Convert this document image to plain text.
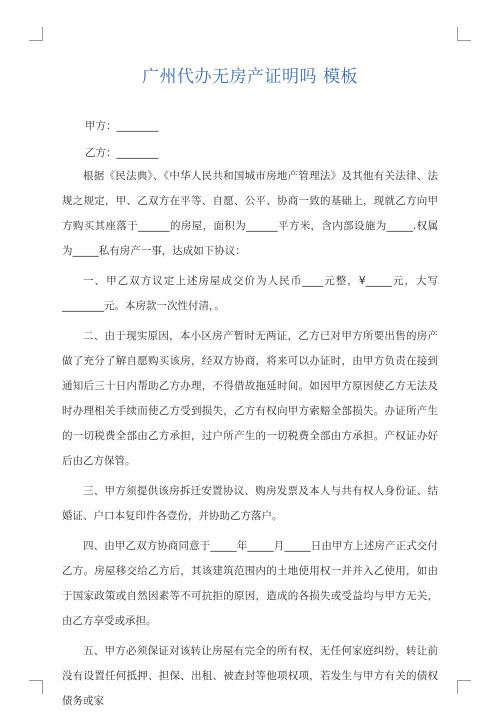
广州代办无房产证明吗 模板
甲方：________
乙方：________

根据《民法典》、《中华人民共和国城市房地产管理法》及其他有关法律、法规之规定，甲、乙双方在平等、自愿、公平、协商一致的基础上，现就乙方向甲方购买其座落于______的房屋，面积为______平方米，含内部设施为_____.权属为_____私有房产一事，达成如下协议：

一、甲乙双方议定上述房屋成交价为人民币____元整，¥_____元，大写________元。本房款一次性付清，。

二、由于现实原因，本小区房产暂时无两证，乙方已对甲方所要出售的房产做了充分了解自愿购买该房，经双方协商，将来可以办证时，由甲方负责在接到通知后三十日内帮助乙方办理，不得借故拖延时间。如因甲方原因使乙方无法及时办理相关手续而使乙方受到损失，乙方有权向甲方索赔全部损失。办证所产生的一切税费全部由乙方承担，过户所产生的一切税费全部由方承担。产权证办好后由乙方保管。

三、甲方须提供该房拆迁安置协议、购房发票及本人与共有权人身份证、结婚证、户口本复印件各壹份，并协助乙方落户。

四、由甲乙双方协商同意于_____年_____月_____日由甲方上述房产正式交付乙方。房屋移交给乙方后，其该建筑范围内的土地使用权一并并入乙使用，如由于国家政策或自然因素等不可抗拒的原因，造成的各损失或受益均与甲方无关，由乙方享受或承担。

五、甲方必须保证对该转让房屋有完全的所有权，无任何家庭纠纷，转让前没有设置任何抵押、担保、出租、被查封等他项权项，若发生与甲方有关的债权债务或家
